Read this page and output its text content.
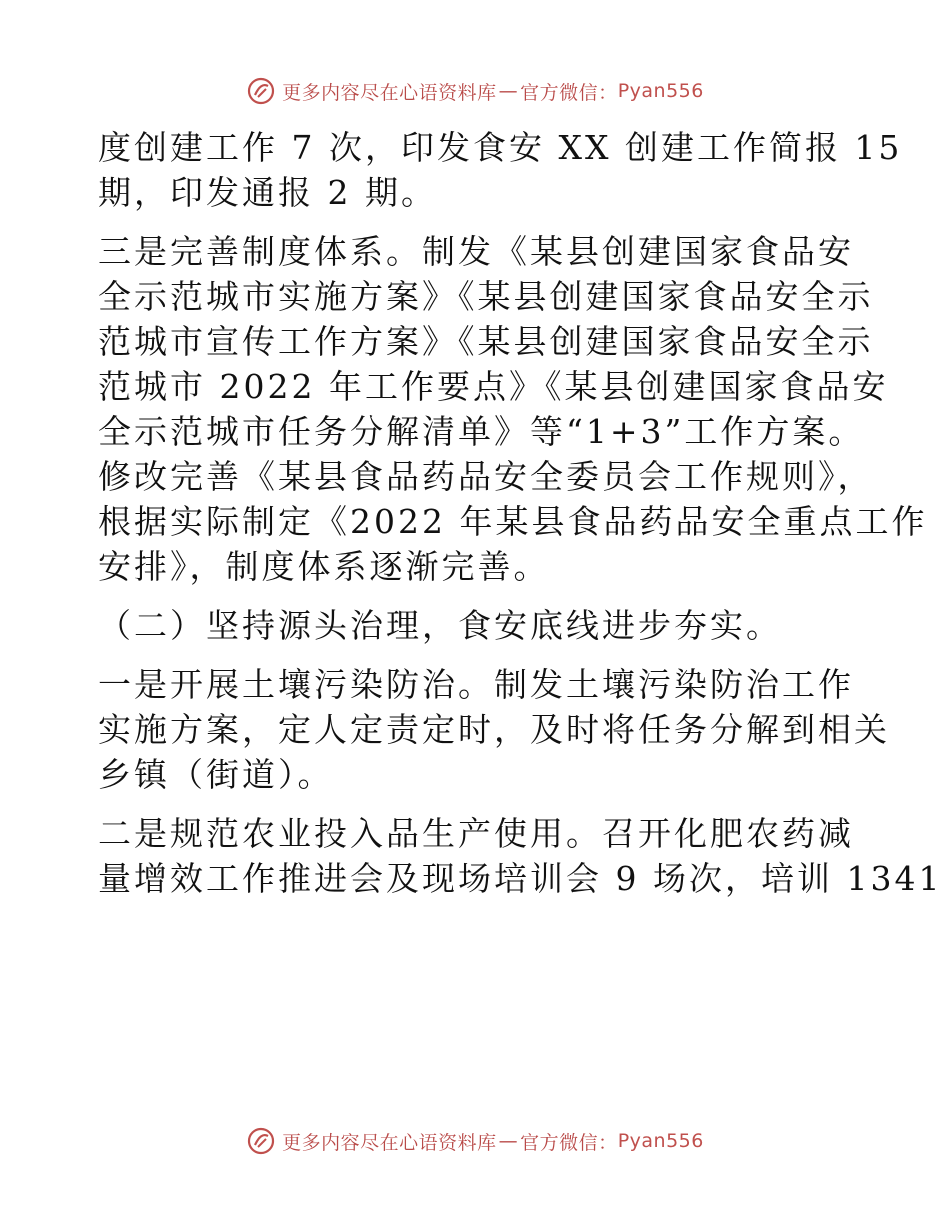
更多内容尽在心语资料库 — 官方微信： Pyan556
度创建工作 7 次，印发食安 XX 创建工作简报 15
期，印发通报 2 期。
三是完善制度体系。制发《某县创建国家食品安
全示范城市实施方案》《某县创建国家食品安全示
范城市宣传工作方案》《某县创建国家食品安全示
范城市 2022 年工作要点》《某县创建国家食品安
全示范城市任务分解清单》等“1+3”工作方案。
修改完善《某县食品药品安全委员会工作规则》，
根据实际制定《2022 年某县食品药品安全重点工作
安排》，制度体系逐渐完善。
（二）坚持源头治理，食安底线进步夯实。
一是开展土壤污染防治。制发土壤污染防治工作
实施方案，定人定责定时，及时将任务分解到相关
乡镇（街道）。
二是规范农业投入品生产使用。召开化肥农药减
量增效工作推进会及现场培训会 9 场次，培训 1341
更多内容尽在心语资料库 — 官方微信： Pyan556
